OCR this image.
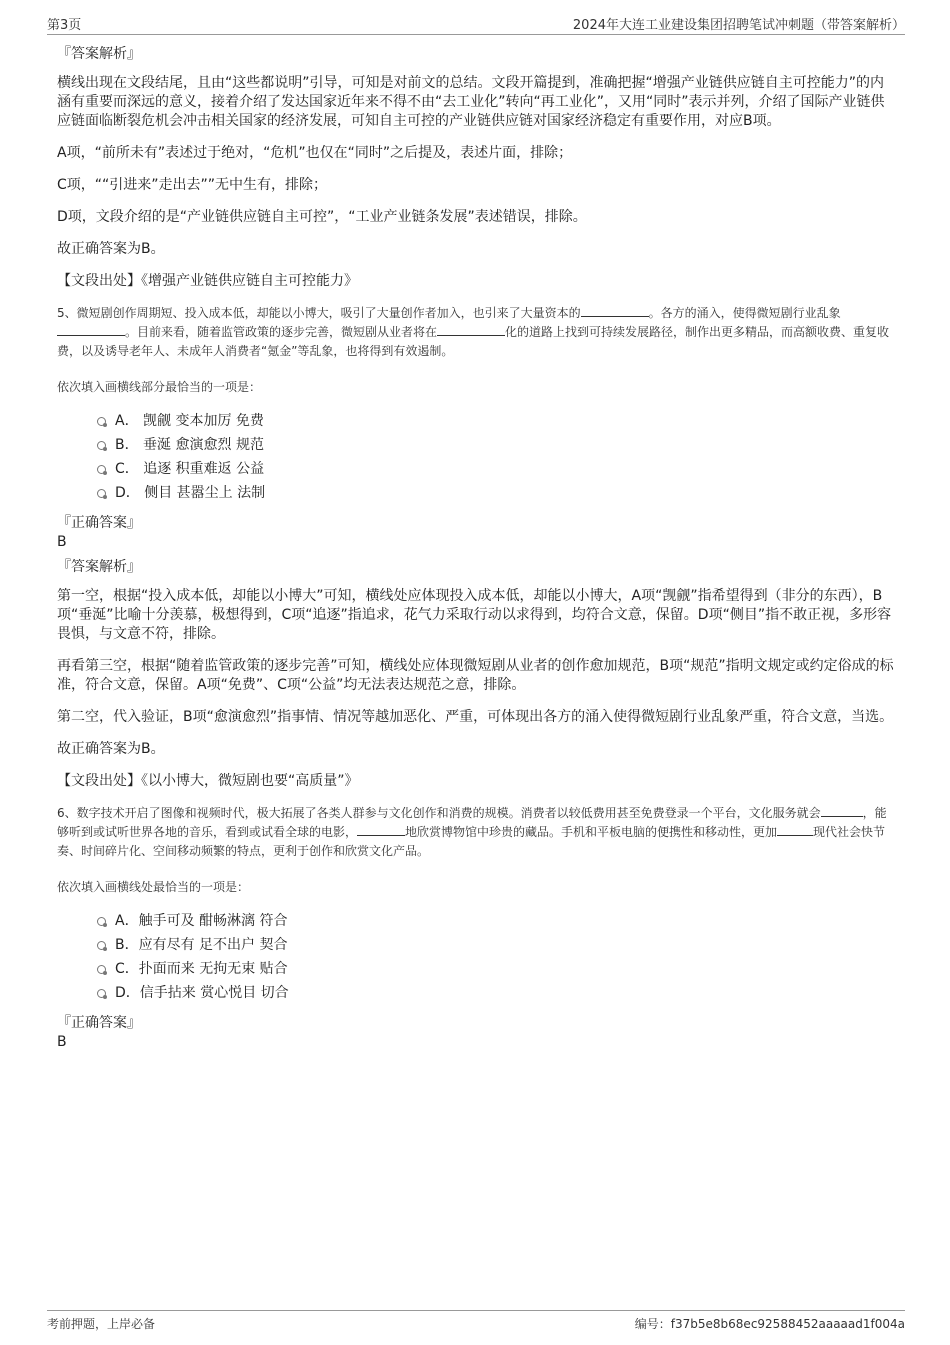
第3页	2024年大连工业建设集团招聘笔试冲刺题（带答案解析）
『答案解析』

横线出现在文段结尾，且由“这些都说明”引导，可知是对前文的总结。文段开篇提到，准确把握“增强产业链供应链自主可控能力”的内涵有重要而深远的意义，接着介绍了发达国家近年来不得不由“去工业化”转向“再工业化”，又用“同时”表示并列，介绍了国际产业链供应链面临断裂危机会冲击相关国家的经济发展，可知自主可控的产业链供应链对国家经济稳定有重要作用，对应B项。

A项，“前所未有”表述过于绝对，“危机”也仅在“同时”之后提及，表述片面，排除；

C项，““引进来”走出去””无中生有，排除；

D项，文段介绍的是“产业链供应链自主可控”，“工业产业链条发展”表述错误，排除。

故正确答案为B。

【文段出处】《增强产业链供应链自主可控能力》

5、微短剧创作周期短、投入成本低，却能以小博大，吸引了大量创作者加入，也引来了大量资本的	。各方的涌入，使得微短剧行业乱象。目前来看，随着监管政策的逐步完善，微短剧从业者将在	化的道路上找到可持续发展路径，制作出更多精品，而高额收费、重复收费，以及诱导老年人、未成年人消费者“氪金”等乱象，也将得到有效遏制。

依次填入画横线部分最恰当的一项是：
A． 觊觎 变本加厉 免费
B． 垂涎 愈演愈烈 规范
C． 追逐 积重难返 公益
D． 侧目 甚嚣尘上 法制
『正确答案』
B
『答案解析』

第一空，根据“投入成本低，却能以小博大”可知，横线处应体现投入成本低，却能以小博大，A项“觊觎”指希望得到（非分的东西），B项“垂涎”比喻十分羡慕，极想得到，C项“追逐”指追求，花气力采取行动以求得到，均符合文意，保留。D项“侧目”指不敢正视，多形容畏惧，与文意不符，排除。

再看第三空，根据“随着监管政策的逐步完善”可知，横线处应体现微短剧从业者的创作愈加规范，B项“规范”指明文规定或约定俗成的标准，符合文意，保留。A项“免费”、C项“公益”均无法表达规范之意，排除。

第二空，代入验证，B项“愈演愈烈”指事情、情况等越加恶化、严重，可体现出各方的涌入使得微短剧行业乱象严重，符合文意，当选。

故正确答案为B。

【文段出处】《以小博大，微短剧也要“高质量”》

6、数字技术开启了图像和视频时代，极大拓展了各类人群参与文化创作和消费的规模。消费者以较低费用甚至免费登录一个平台，文化服务就会	，能够听到或试听世界各地的音乐，看到或试看全球的电影，	地欣赏博物馆中珍贵的藏品。手机和平板电脑的便携性和移动性，更加	现代社会快节奏、时间碎片化、空间移动频繁的特点，更利于创作和欣赏文化产品。

依次填入画横线处最恰当的一项是：
A．触手可及 酣畅淋漓 符合
B．应有尽有 足不出户 契合
C．扑面而来 无拘无束 贴合
D．信手拈来 赏心悦目 切合
『正确答案』
B
考前押题，上岸必备	编号：f37b5e8b68ec92588452aaaaad1f004a
